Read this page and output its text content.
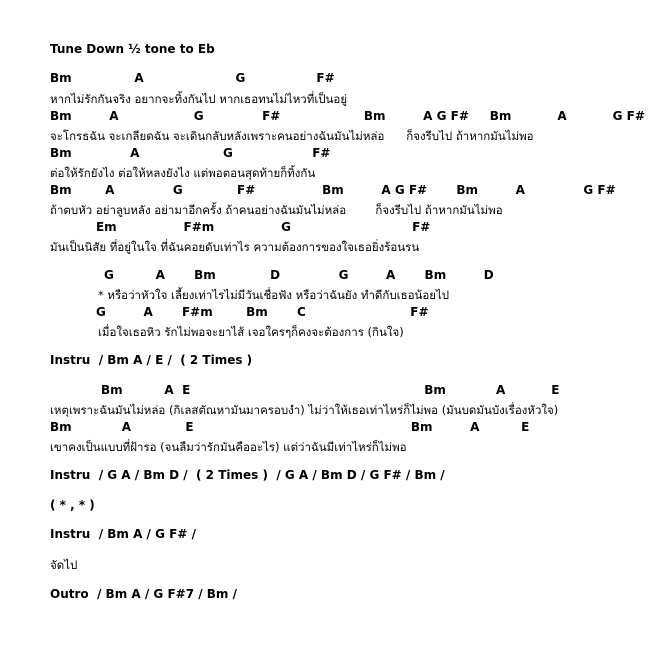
Tune Down ½ tone to Eb
Bm               A                      G                 F#
หากไม่รักกันจริง อยากจะทิ้งกันไป หากเธอทนไม่ไหวที่เป็นอยู่
Bm         A                  G              F#                    Bm         A G F#     Bm           A           G F#
จะโกรธฉัน จะเกลียดฉัน จะเดินกลับหลังเพราะคนอย่างฉันมันไม่หล่อ      ก็จงรีบไป ถ้าหากมันไม่พอ
Bm              A                    G                   F#
ต่อให้รักยังไง ต่อให้หลงยังไง แต่พอตอนสุดท้ายก็ทิ้งกัน
Bm        A              G             F#                Bm         A G F#       Bm         A              G F#
ถ้าตบหัว อย่าลูบหลัง อย่ามาอีกครั้ง ถ้าคนอย่างฉันมันไม่หล่อ        ก็จงรีบไป ถ้าหากมันไม่พอ
Em                F#m                G                             F#
มันเป็นนิสัย ที่อยู่ในใจ ที่ฉันคอยดับเท่าไร ความต้องการของใจเธอยิ่งร้อนรน
G          A       Bm             D              G         A       Bm         D
* หรือว่าหัวใจ เลี้ยงเท่าไรไม่มีวันเชื่อฟัง หรือว่าฉันยัง ทำดีกับเธอน้อยไป
G         A       F#m        Bm       C                         F#
เมื่อใจเธอหิว รักไม่พอจะยาไส้ เจอใครๆก็คงจะต้องการ (กินใจ)
Instru  / Bm A / E /  ( 2 Times )
Bm          A  E                                                        Bm            A           E
เหตุเพราะฉันมันไม่หล่อ (กิเลสตัณหามันมาครอบงำ) ไม่ว่าให้เธอเท่าไหร่ก็ไม่พอ (มันบดมันบังเรื่องหัวใจ)
Bm            A             E                                                    Bm         A          E
เขาคงเป็นแบบที่ฝ้ารอ (จนลืมว่ารักมันคืออะไร) แต่ว่าฉันมีเท่าไหร่ก็ไม่พอ
Instru  / G A / Bm D /  ( 2 Times )  / G A / Bm D / G F# / Bm /
( * , * )
Instru  / Bm A / G F# /
จัดไป
Outro  / Bm A / G F#7 / Bm /
